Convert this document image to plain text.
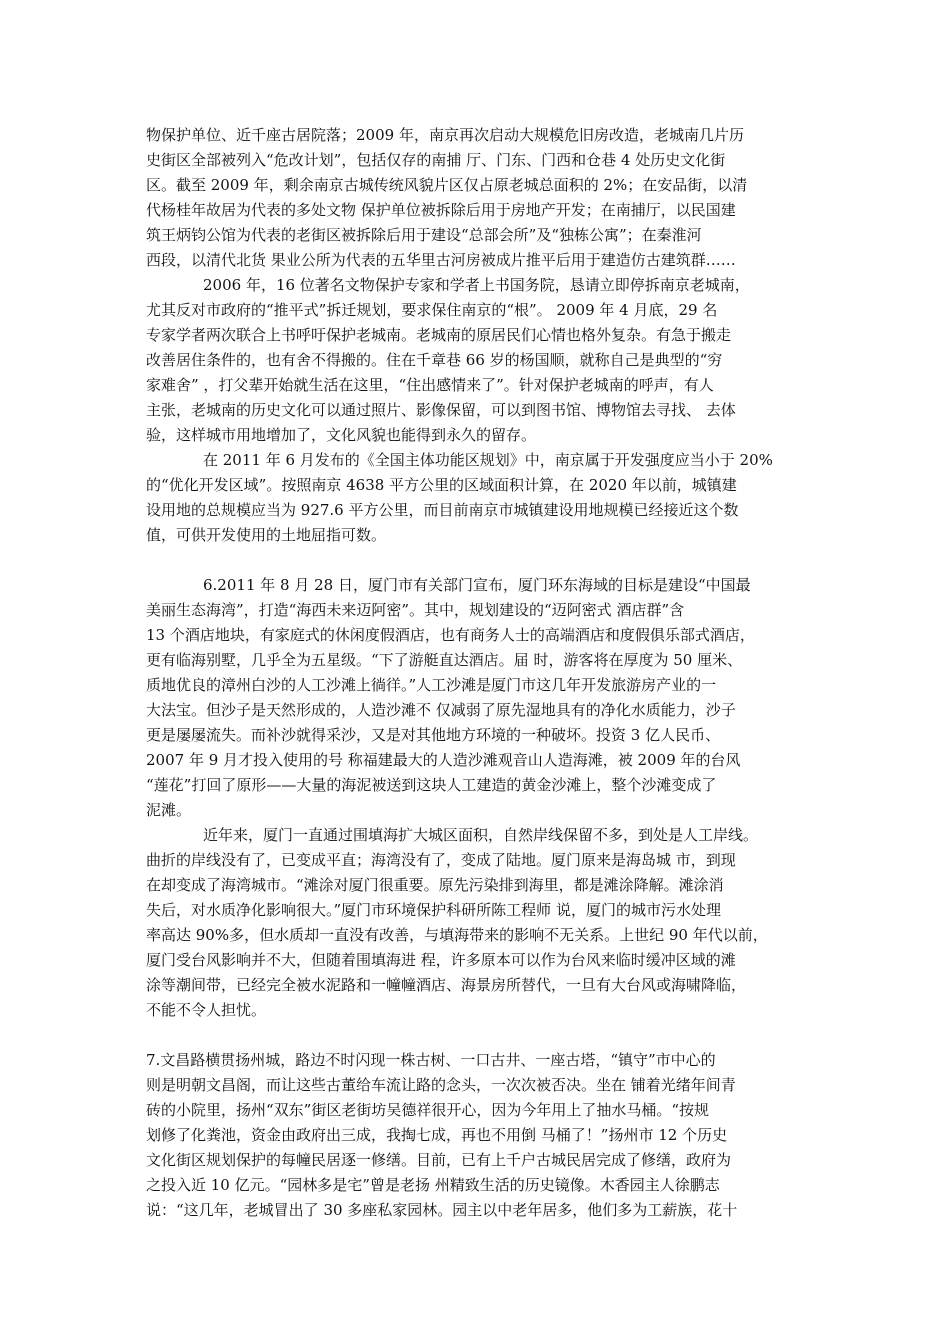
物保护单位、近千座古居院落；2009 年，南京再次启动大规模危旧房改造，老城南几片历
史街区全部被列入“危改计划”，包括仅存的南捕 厅、门东、门西和仓巷 4 处历史文化街
区。截至 2009 年，剩余南京古城传统风貌片区仅占原老城总面积的 2%；在安品街，以清
代杨桂年故居为代表的多处文物 保护单位被拆除后用于房地产开发；在南捕厅，以民国建
筑王炳钧公馆为代表的老街区被拆除后用于建设“总部会所”及“独栋公寓”；在秦淮河
西段，以清代北货 果业公所为代表的五华里古河房被成片推平后用于建造仿古建筑群……
2006 年，16 位著名文物保护专家和学者上书国务院，恳请立即停拆南京老城南，
尤其反对市政府的“推平式”拆迁规划，要求保住南京的“根”。 2009 年 4 月底，29 名
专家学者两次联合上书呼吁保护老城南。老城南的原居民们心情也格外复杂。有急于搬走
改善居住条件的，也有舍不得搬的。住在千章巷 66 岁的杨国顺，就称自己是典型的“穷
家难舍” ，打父辈开始就生活在这里，“住出感情来了”。针对保护老城南的呼声，有人
主张，老城南的历史文化可以通过照片、影像保留，可以到图书馆、博物馆去寻找、 去体
验，这样城市用地增加了，文化风貌也能得到永久的留存。
在 2011 年 6 月发布的《全国主体功能区规划》中，南京属于开发强度应当小于 20%
的“优化开发区域”。按照南京 4638 平方公里的区域面积计算，在 2020 年以前，城镇建
设用地的总规模应当为 927.6 平方公里，而目前南京市城镇建设用地规模已经接近这个数
值，可供开发使用的土地屈指可数。
6.2011 年 8 月 28 日，厦门市有关部门宣布，厦门环东海域的目标是建设“中国最
美丽生态海湾”，打造“海西未来迈阿密”。其中，规划建设的“迈阿密式 酒店群”含
13 个酒店地块，有家庭式的休闲度假酒店，也有商务人士的高端酒店和度假俱乐部式酒店，
更有临海别墅，几乎全为五星级。“下了游艇直达酒店。届 时，游客将在厚度为 50 厘米、
质地优良的漳州白沙的人工沙滩上徜徉。”人工沙滩是厦门市这几年开发旅游房产业的一
大法宝。但沙子是天然形成的，人造沙滩不 仅减弱了原先湿地具有的净化水质能力，沙子
更是屡屡流失。而补沙就得采沙，又是对其他地方环境的一种破坏。投资 3 亿人民币、
2007 年 9 月才投入使用的号 称福建最大的人造沙滩观音山人造海滩，被 2009 年的台风
“莲花”打回了原形——大量的海泥被送到这块人工建造的黄金沙滩上，整个沙滩变成了
泥滩。
近年来，厦门一直通过围填海扩大城区面积，自然岸线保留不多，到处是人工岸线。
曲折的岸线没有了，已变成平直；海湾没有了，变成了陆地。厦门原来是海岛城 市，到现
在却变成了海湾城市。“滩涂对厦门很重要。原先污染排到海里，都是滩涂降解。滩涂消
失后，对水质净化影响很大。”厦门市环境保护科研所陈工程师 说，厦门的城市污水处理
率高达 90%多，但水质却一直没有改善，与填海带来的影响不无关系。上世纪 90 年代以前，
厦门受台风影响并不大，但随着围填海进 程，许多原本可以作为台风来临时缓冲区域的滩
涂等潮间带，已经完全被水泥路和一幢幢酒店、海景房所替代，一旦有大台风或海啸降临，
不能不令人担忧。
7.文昌路横贯扬州城，路边不时闪现一株古树、一口古井、一座古塔，“镇守”市中心的
则是明朝文昌阁，而让这些古董给车流让路的念头，一次次被否决。坐在 铺着光绪年间青
砖的小院里，扬州“双东”街区老街坊吴德祥很开心，因为今年用上了抽水马桶。“按规
划修了化粪池，资金由政府出三成，我掏七成，再也不用倒 马桶了！”扬州市 12 个历史
文化街区规划保护的每幢民居逐一修缮。目前，已有上千户古城民居完成了修缮，政府为
之投入近 10 亿元。“园林多是宅”曾是老扬 州精致生活的历史镜像。木香园主人徐鹏志
说：“这几年，老城冒出了 30 多座私家园林。园主以中老年居多，他们多为工薪族，花十
